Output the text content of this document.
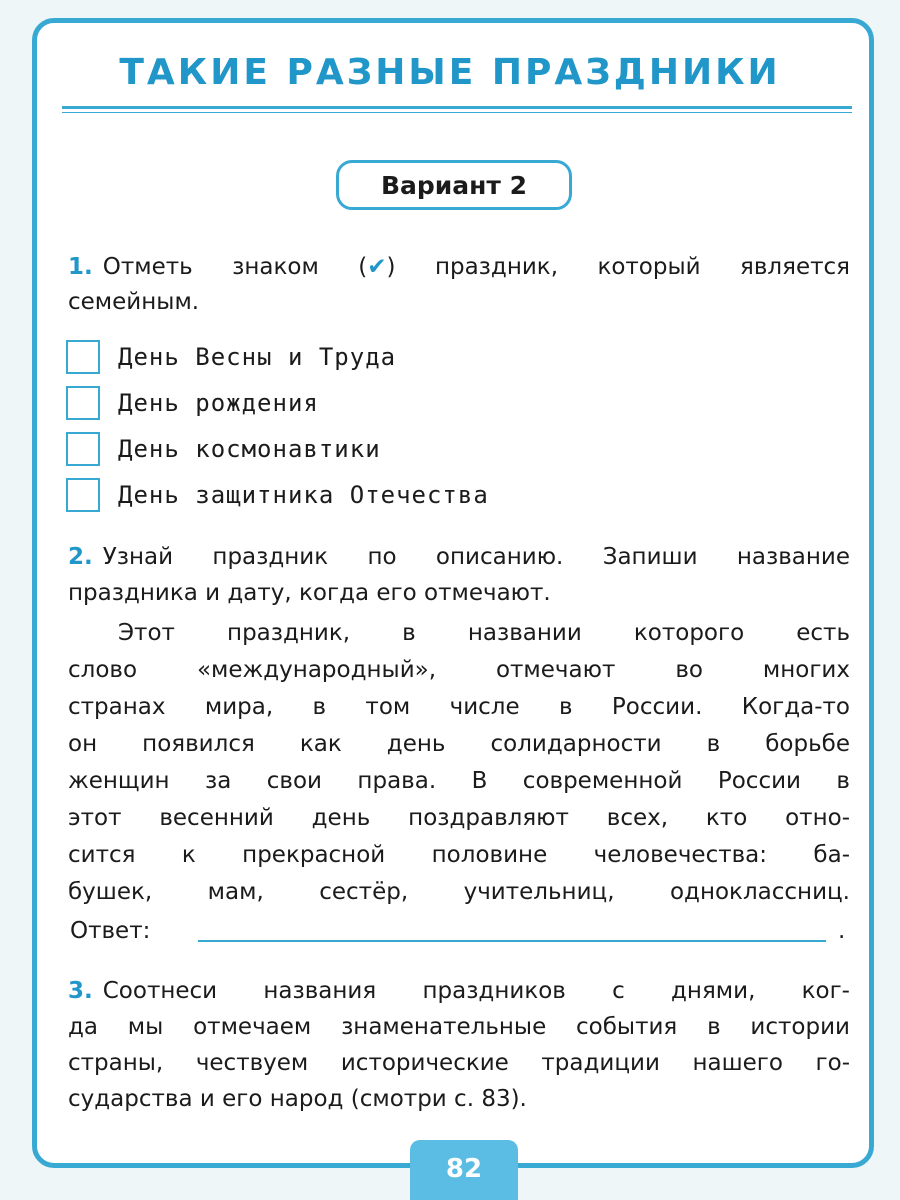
ТАКИЕ РАЗНЫЕ ПРАЗДНИКИ
Вариант 2
1. Отметь знаком (✔) праздник, который является
семейным.
День Весны и Труда
День рождения
День космонавтики
День защитника Отечества
2. Узнай праздник по описанию. Запиши название
праздника и дату, когда его отмечают.
Этот праздник, в названии которого есть
слово «международный», отмечают во многих
странах мира, в том числе в России. Когда-то
он появился как день солидарности в борьбе
женщин за свои права. В современной России в
этот весенний день поздравляют всех, кто отно-
сится к прекрасной половине человечества: ба-
бушек, мам, сестёр, учительниц, одноклассниц.
Ответ:	.
3. Соотнеси названия праздников с днями, ког-
да мы отмечаем знаменательные события в истории
страны, чествуем исторические традиции нашего го-
сударства и его народ (смотри с. 83).
82
